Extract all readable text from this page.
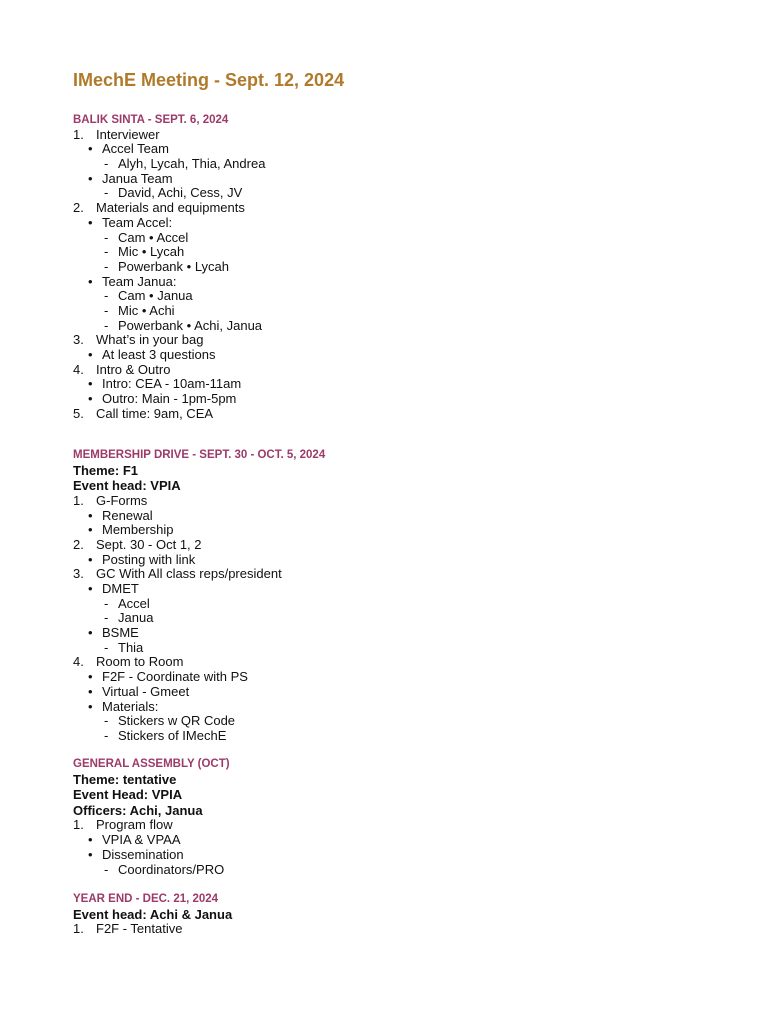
IMechE Meeting - Sept. 12, 2024
BALIK SINTA - SEPT. 6, 2024
1. Interviewer
• Accel Team
- Alyh, Lycah, Thia, Andrea
• Janua Team
- David, Achi, Cess, JV
2. Materials and equipments
• Team Accel:
- Cam • Accel
- Mic • Lycah
- Powerbank • Lycah
• Team Janua:
- Cam • Janua
- Mic • Achi
- Powerbank • Achi, Janua
3. What’s in your bag
• At least 3 questions
4. Intro & Outro
• Intro: CEA - 10am-11am
• Outro: Main - 1pm-5pm
5. Call time: 9am, CEA
MEMBERSHIP DRIVE - SEPT. 30 - OCT. 5, 2024
Theme: F1
Event head: VPIA
1. G-Forms
• Renewal
• Membership
2. Sept. 30 - Oct 1, 2
• Posting with link
3. GC With All class reps/president
• DMET
- Accel
- Janua
• BSME
- Thia
4. Room to Room
• F2F - Coordinate with PS
• Virtual - Gmeet
• Materials:
- Stickers w QR Code
- Stickers of IMechE
GENERAL ASSEMBLY (OCT)
Theme: tentative
Event Head: VPIA
Officers: Achi, Janua
1. Program flow
• VPIA & VPAA
• Dissemination
- Coordinators/PRO
YEAR END - DEC. 21, 2024
Event head: Achi & Janua
1. F2F - Tentative
